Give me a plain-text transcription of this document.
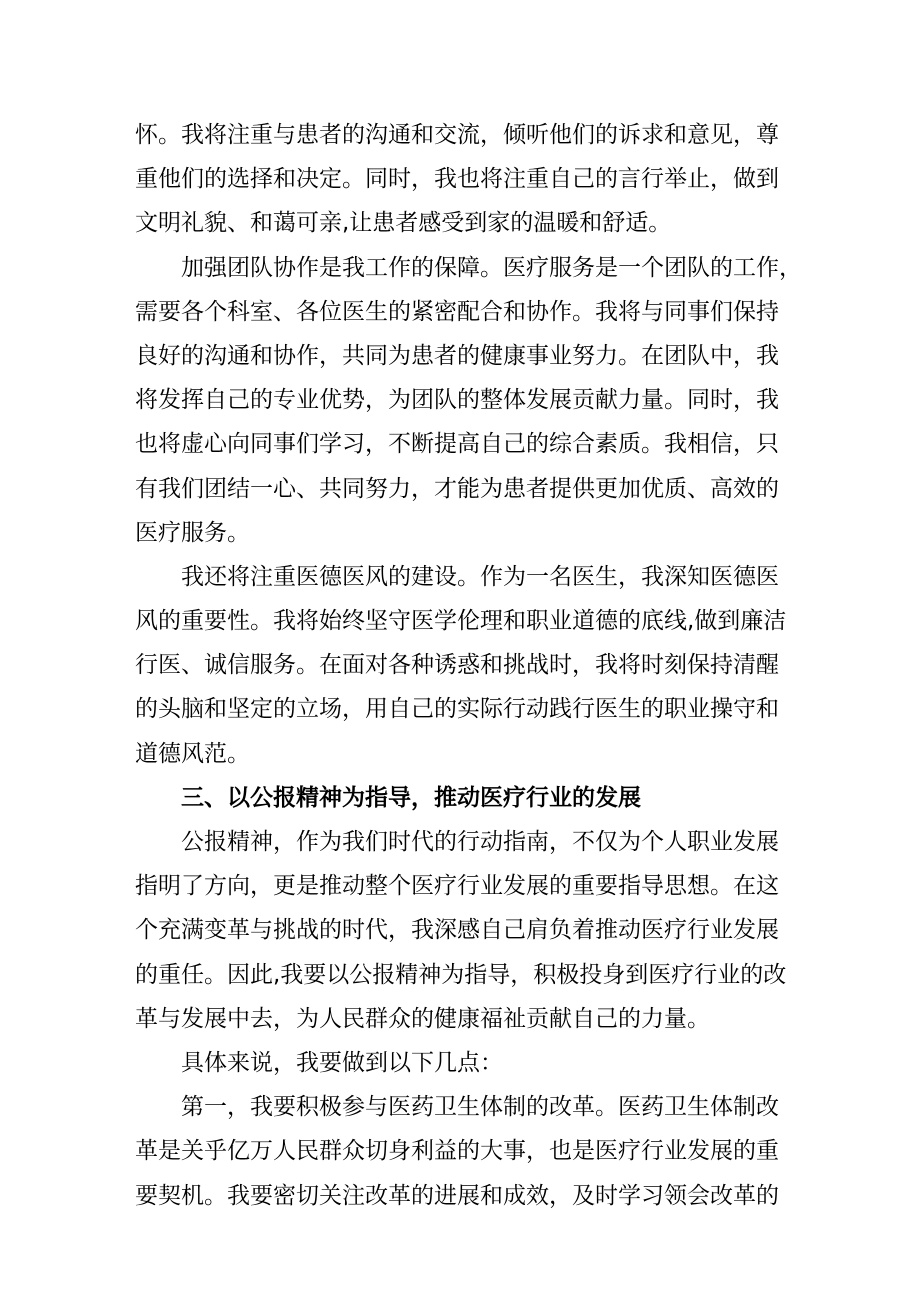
怀。我将注重与患者的沟通和交流，倾听他们的诉求和意见，尊
重他们的选择和决定。同时，我也将注重自己的言行举止，做到
文明礼貌、和蔼可亲,让患者感受到家的温暖和舒适。
加强团队协作是我工作的保障。医疗服务是一个团队的工作，
需要各个科室、各位医生的紧密配合和协作。我将与同事们保持
良好的沟通和协作，共同为患者的健康事业努力。在团队中，我
将发挥自己的专业优势，为团队的整体发展贡献力量。同时，我
也将虚心向同事们学习，不断提高自己的综合素质。我相信，只
有我们团结一心、共同努力，才能为患者提供更加优质、高效的
医疗服务。
我还将注重医德医风的建设。作为一名医生，我深知医德医
风的重要性。我将始终坚守医学伦理和职业道德的底线,做到廉洁
行医、诚信服务。在面对各种诱惑和挑战时，我将时刻保持清醒
的头脑和坚定的立场，用自己的实际行动践行医生的职业操守和
道德风范。
三、以公报精神为指导，推动医疗行业的发展
公报精神，作为我们时代的行动指南，不仅为个人职业发展
指明了方向，更是推动整个医疗行业发展的重要指导思想。在这
个充满变革与挑战的时代，我深感自己肩负着推动医疗行业发展
的重任。因此,我要以公报精神为指导，积极投身到医疗行业的改
革与发展中去，为人民群众的健康福祉贡献自己的力量。
具体来说，我要做到以下几点：
第一，我要积极参与医药卫生体制的改革。医药卫生体制改
革是关乎亿万人民群众切身利益的大事，也是医疗行业发展的重
要契机。我要密切关注改革的进展和成效，及时学习领会改革的
